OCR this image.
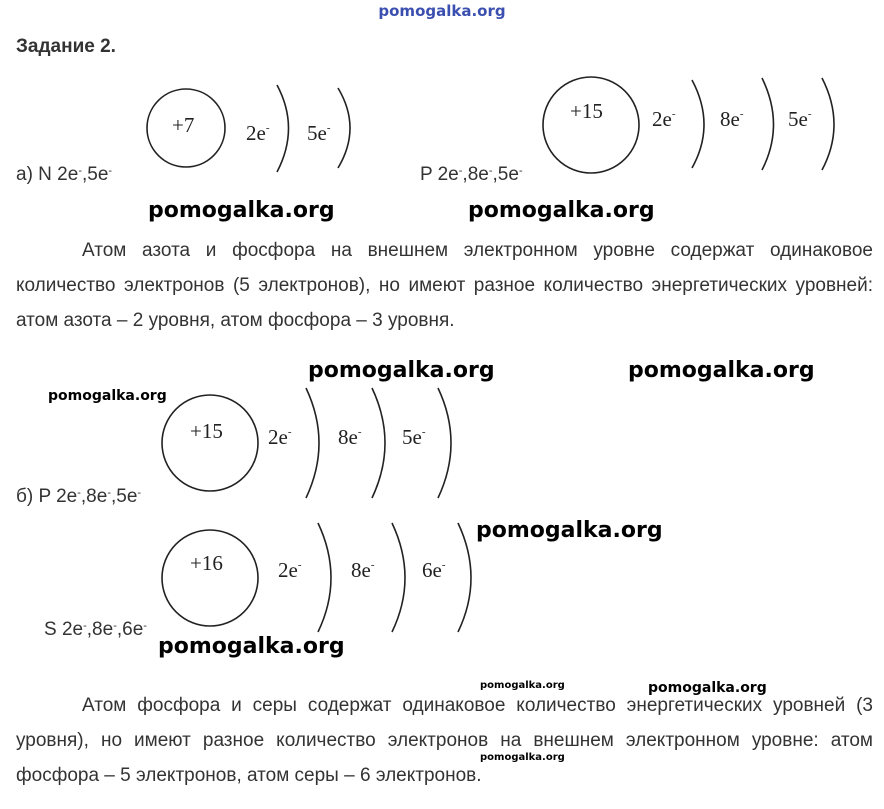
pomogalka.org
Задание 2.
+7 2e- 5e-
+15 2e- 8e- 5e-
+15 2e- 8e- 5e-
+16	2e- 8e- 6e-
а) N 2e-,5e-	P 2e-,8e-,5e-
pomogalka.org	pomogalka.org

Атом азота и фосфора на внешнем электронном уровне содержат одинаковое количество электронов (5 электронов), но имеют разное количество энергетических уровней: атом азота – 2 уровня, атом фосфора – 3 уровня.

pomogalka.org	pomogalka.org
pomogalka.org
б) P 2e-,8e-,5e-
S 2e-,8e-,6e-
pomogalka.org
pomogalka.org
pomogalka.org	pomogalka.org

Атом фосфора и серы содержат одинаковое количество энергетических уровней (3 уровня), но имеют разное количество электронов на внешнем электронном уровне: атом фосфора – 5 электронов, атом серы – 6 электронов.

pomogalka.org
